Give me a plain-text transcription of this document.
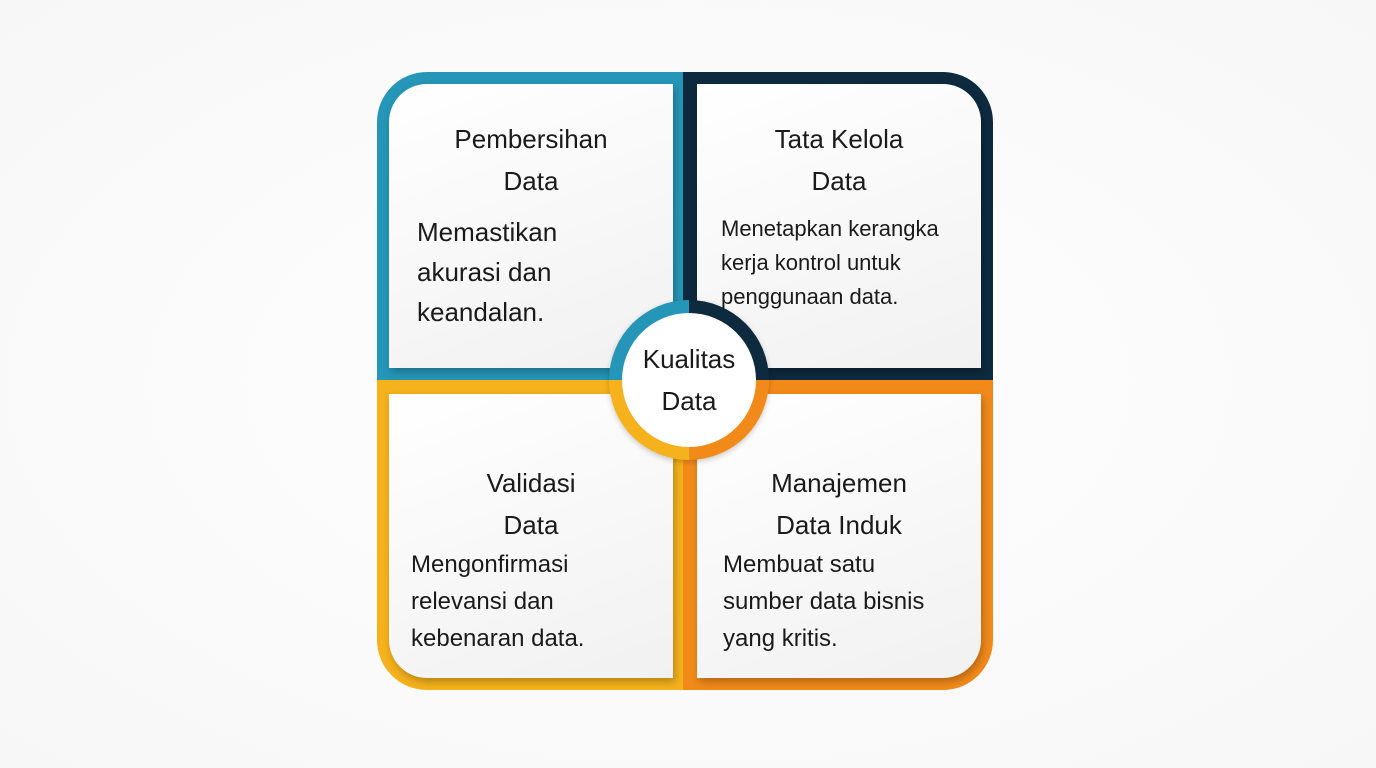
Pembersihan
Data
Memastikan
akurasi dan
keandalan.
Tata Kelola
Data
Menetapkan kerangka
kerja kontrol untuk
penggunaan data.
Validasi
Data
Mengonfirmasi
relevansi dan
kebenaran data.
Manajemen
Data Induk
Membuat satu
sumber data bisnis
yang kritis.
Kualitas
Data
